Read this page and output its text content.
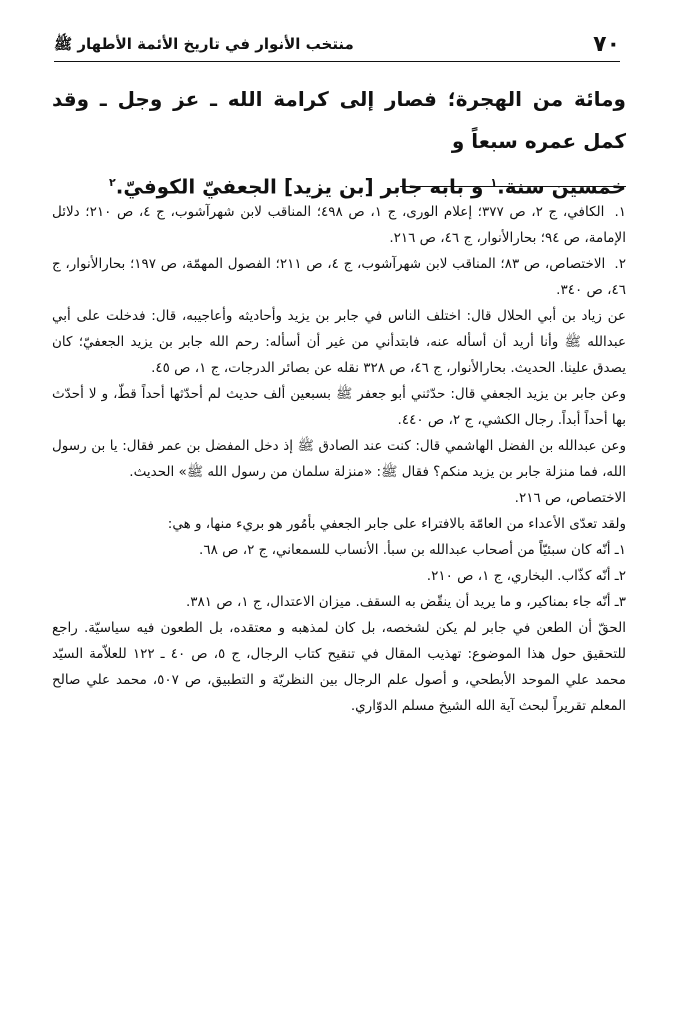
٧٠
منتخب الأنوار في تاريخ الأئمة الأطهار ﷺ

ومائة من الهجرة؛ فصار إلى كرامة الله ـ عز وجل ـ وقد كمل عمره سبعاً و

خمسين سنة.$^١$ و بابه جابر [بن يزيد] الجعفيّ الكوفيّ.$^٢$

١. الكافي، ج ٢، ص ٣٧٧؛ إعلام الورى، ج ١، ص ٤٩٨؛ المناقب لابن شهرآشوب، ج ٤، ص ٢١٠؛ دلائل الإمامة، ص ٩٤؛ بحارالأنوار، ج ٤٦، ص ٢١٦.

٢. الاختصاص، ص ٨٣؛ المناقب لابن شهرآشوب، ج ٤، ص ٢١١؛ الفصول المهمّة، ص ١٩٧؛ بحارالأنوار، ج ٤٦، ص ٣٤٠.

عن زياد بن أبي الحلال قال: اختلف الناس في جابر بن يزيد وأحاديثه وأعاجيبه، قال: فدخلت على أبي عبدالله ﷺ وأنا أريد أن أسأله عنه، فابتدأني من غير أن أسأله: رحم الله جابر بن يزيد الجعفيّ؛ كان يصدق علينا. الحديث. بحارالأنوار، ج ٤٦، ص ٣٢٨ نقله عن بصائر الدرجات، ج ١، ص ٤٥.

وعن جابر بن يزيد الجعفي قال: حدّثني أبو جعفر ﷺ بسبعين ألف حديث لم أحدّثها أحداً قطّ، و لا أحدّث بها أحداً أبداً. رجال الكشي، ج ٢، ص ٤٤٠.

وعن عبدالله بن الفضل الهاشمي قال: كنت عند الصادق ﷺ إذ دخل المفضل بن عمر فقال: يا بن رسول الله، فما منزلة جابر بن يزيد منكم؟ فقال ﷺ: «منزلة سلمان من رسول الله ﷺ» الحديث.

الاختصاص، ص ٢١٦.

ولقد تعدّى الأعداء من العامّة بالافتراء على جابر الجعفي بأمُور هو بريء منها، و هي:

١ـ أنّه كان سبئيّاً من أصحاب عبدالله بن سبأ. الأنساب للسمعاني، ج ٢، ص ٦٨.

٢ـ أنّه كذّاب. البخاري، ج ١، ص ٢١٠.

٣ـ أنّه جاء بمناكير، و ما يريد أن ينقّض به السقف. ميزان الاعتدال، ج ١، ص ٣٨١.

الحقّ أن الطعن في جابر لم يكن لشخصه، بل كان لمذهبه و معتقده، بل الطعون فيه سياسيّة. راجع للتحقيق حول هذا الموضوع: تهذيب المقال في تنقيح كتاب الرجال، ج ٥، ص ٤٠ ـ ١٢٢ للعلاّمة السيّد محمد علي الموحد الأبطحي، و أصول علم الرجال بين النظريّة و التطبيق، ص ٥٠٧، محمد علي صالح المعلم تقريراً لبحث آية الله الشيخ مسلم الدوّاري.
